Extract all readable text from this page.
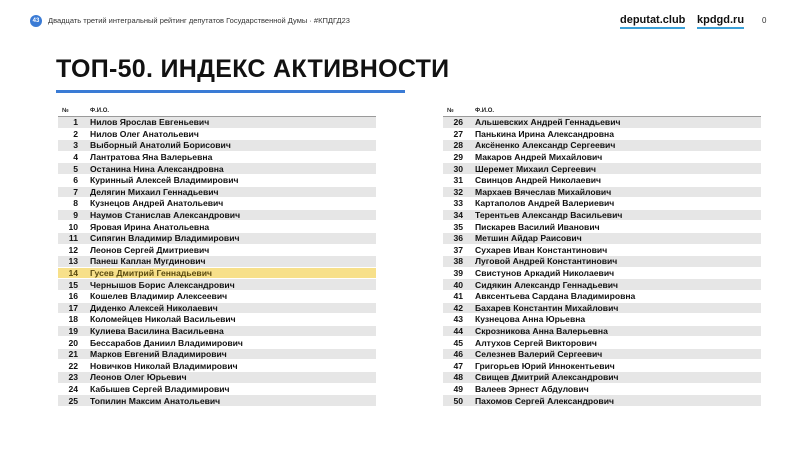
43	Двадцать третий интегральный рейтинг депутатов Государственной Думы · #КПДГД23	deputat.club kpdgd.ru 0
ТОП-50. ИНДЕКС АКТИВНОСТИ
№	Ф.И.О.
1	Нилов Ярослав Евгеньевич
2	Нилов Олег Анатольевич
3	Выборный Анатолий Борисович
4	Лантратова Яна Валерьевна
5	Останина Нина Александровна
6	Куринный Алексей Владимирович
7	Делягин Михаил Геннадьевич
8	Кузнецов Андрей Анатольевич
9	Наумов Станислав Александрович
10	Яровая Ирина Анатольевна
11	Сипягин Владимир Владимирович
12	Леонов Сергей Дмитриевич
13	Панеш Каплан Мугдинович
14	Гусев Дмитрий Геннадьевич
15	Чернышов Борис Александрович
16	Кошелев Владимир Алексеевич
17	Диденко Алексей Николаевич
18	Коломейцев Николай Васильевич
19	Кулиева Василина Васильевна
20	Бессарабов Даниил Владимирович
21	Марков Евгений Владимирович
22	Новичков Николай Владимирович
23	Леонов Олег Юрьевич
24	Кабышев Сергей Владимирович
25	Топилин Максим Анатольевич
№	Ф.И.О.
26	Альшевских Андрей Геннадьевич
27	Панькина Ирина Александровна
28	Аксёненко Александр Сергеевич
29	Макаров Андрей Михайлович
30	Шеремет Михаил Сергеевич
31	Свинцов Андрей Николаевич
32	Мархаев Вячеслав Михайлович
33	Картаполов Андрей Валериевич
34	Терентьев Александр Васильевич
35	Пискарев Василий Иванович
36	Метшин Айдар Раисович
37	Сухарев Иван Константинович
38	Луговой Андрей Константинович
39	Свистунов Аркадий Николаевич
40	Сидякин Александр Геннадьевич
41	Авксентьева Сардана Владимировна
42	Бахарев Константин Михайлович
43	Кузнецова Анна Юрьевна
44	Скрозникова Анна Валерьевна
45	Алтухов Сергей Викторович
46	Селезнев Валерий Сергеевич
47	Григорьев Юрий Иннокентьевич
48	Свищев Дмитрий Александрович
49	Валеев Эрнест Абдулович
50	Пахомов Сергей Александрович
